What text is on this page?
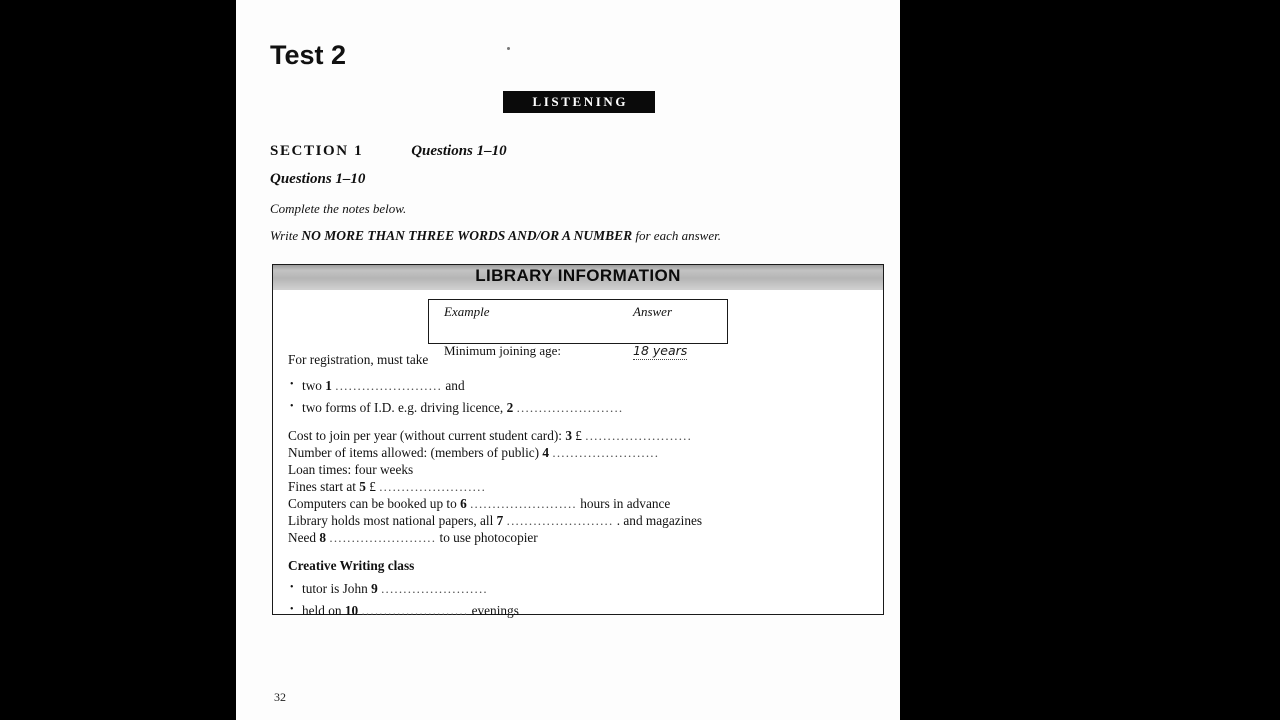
Test 2
LISTENING
SECTION 1	Questions 1–10
Questions 1–10
Complete the notes below.
Write NO MORE THAN THREE WORDS AND/OR A NUMBER for each answer.
LIBRARY INFORMATION
Example	Answer
Minimum joining age:	18 years
For registration, must take
• two 1 ........................ and
• two forms of I.D. e.g. driving licence, 2 ........................
Cost to join per year (without current student card): 3 £ ........................
Number of items allowed: (members of public) 4 ........................
Loan times: four weeks
Fines start at 5 £ ........................
Computers can be booked up to 6 ........................ hours in advance
Library holds most national papers, all 7 ........................ . and magazines
Need 8 ........................ to use photocopier
Creative Writing class
• tutor is John 9 ........................
• held on 10 ........................ evenings
32
